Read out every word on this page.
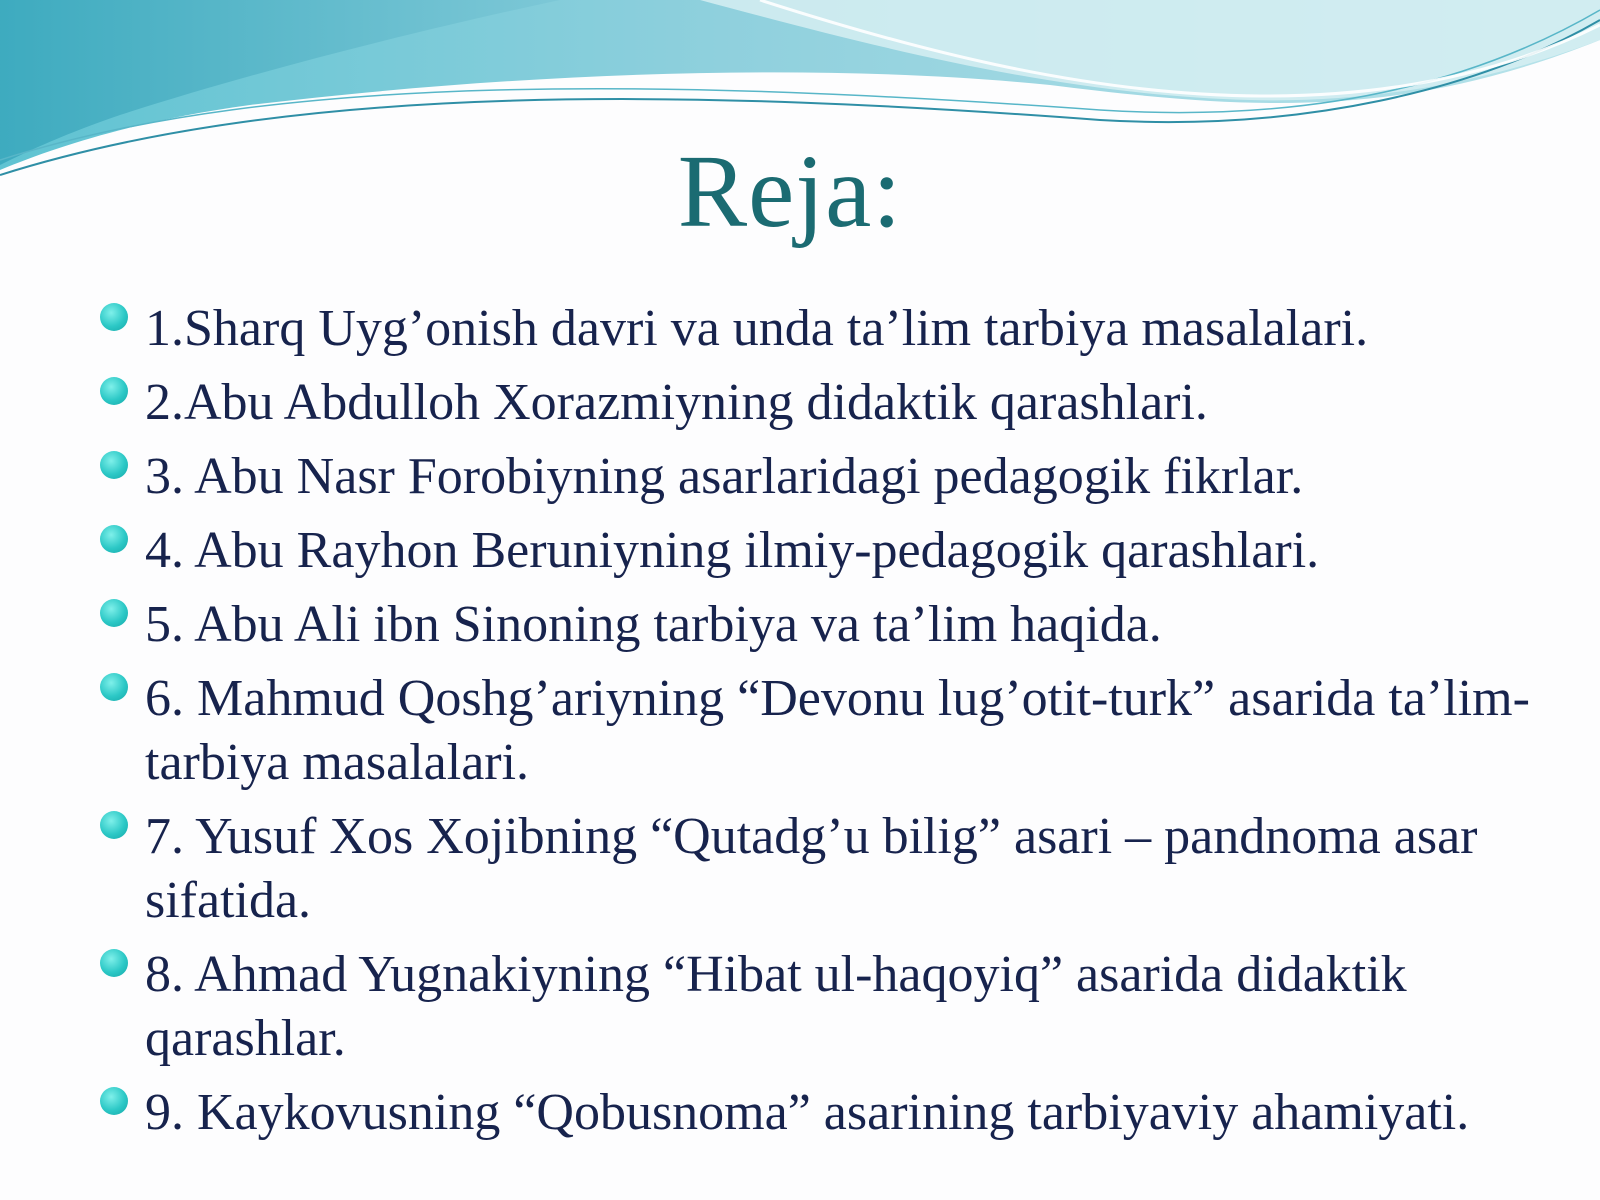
Reja:
1.Sharq Uyg’onish davri va unda ta’lim tarbiya masalalari.
2.Abu Abdulloh Xorazmiyning didaktik qarashlari.
3. Abu Nasr Forobiyning asarlaridagi pedagogik fikrlar.
4. Abu Rayhon Beruniyning ilmiy-pedagogik qarashlari.
5. Abu Ali ibn Sinoning tarbiya va ta’lim haqida.
6. Mahmud Qoshg’ariyning “Devonu lug’otit-turk” asarida ta’lim-tarbiya masalalari.
7. Yusuf Xos Xojibning “Qutadg’u bilig” asari – pandnoma asar sifatida.
8. Ahmad Yugnakiyning “Hibat ul-haqoyiq” asarida didaktik qarashlar.
9. Kaykovusning “Qobusnoma” asarining tarbiyaviy ahamiyati.
